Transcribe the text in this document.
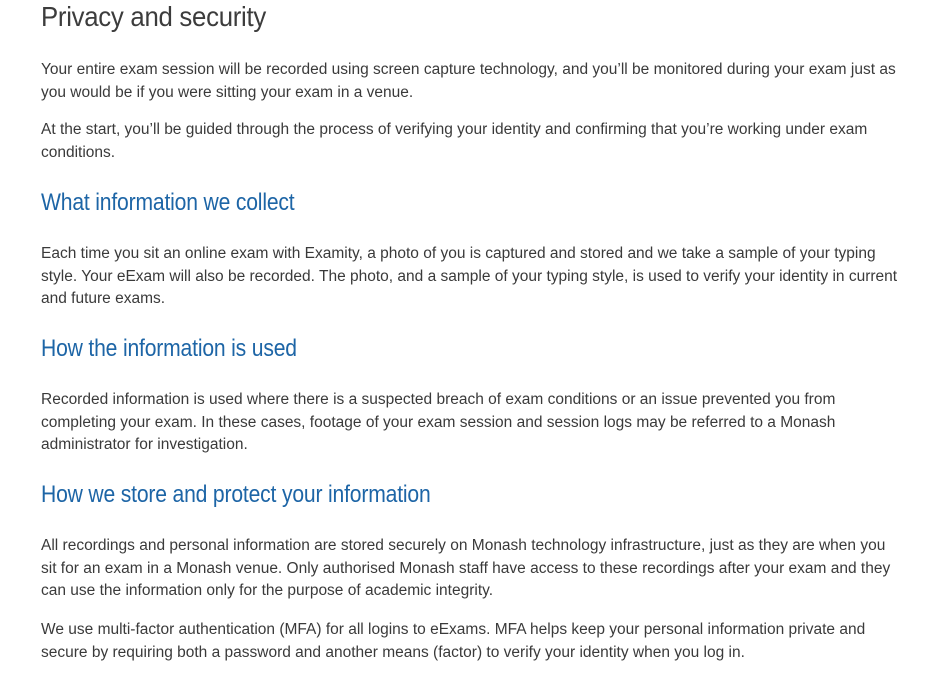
Privacy and security

Your entire exam session will be recorded using screen capture technology, and you’ll be monitored during your exam just as you would be if you were sitting your exam in a venue.

At the start, you’ll be guided through the process of verifying your identity and confirming that you’re working under exam conditions.

What information we collect

Each time you sit an online exam with Examity, a photo of you is captured and stored and we take a sample of your typing style. Your eExam will also be recorded. The photo, and a sample of your typing style, is used to verify your identity in current and future exams.

How the information is used

Recorded information is used where there is a suspected breach of exam conditions or an issue prevented you from completing your exam. In these cases, footage of your exam session and session logs may be referred to a Monash administrator for investigation.

How we store and protect your information

All recordings and personal information are stored securely on Monash technology infrastructure, just as they are when you sit for an exam in a Monash venue. Only authorised Monash staff have access to these recordings after your exam and they can use the information only for the purpose of academic integrity.

We use multi-factor authentication (MFA) for all logins to eExams. MFA helps keep your personal information private and secure by requiring both a password and another means (factor) to verify your identity when you log in.
